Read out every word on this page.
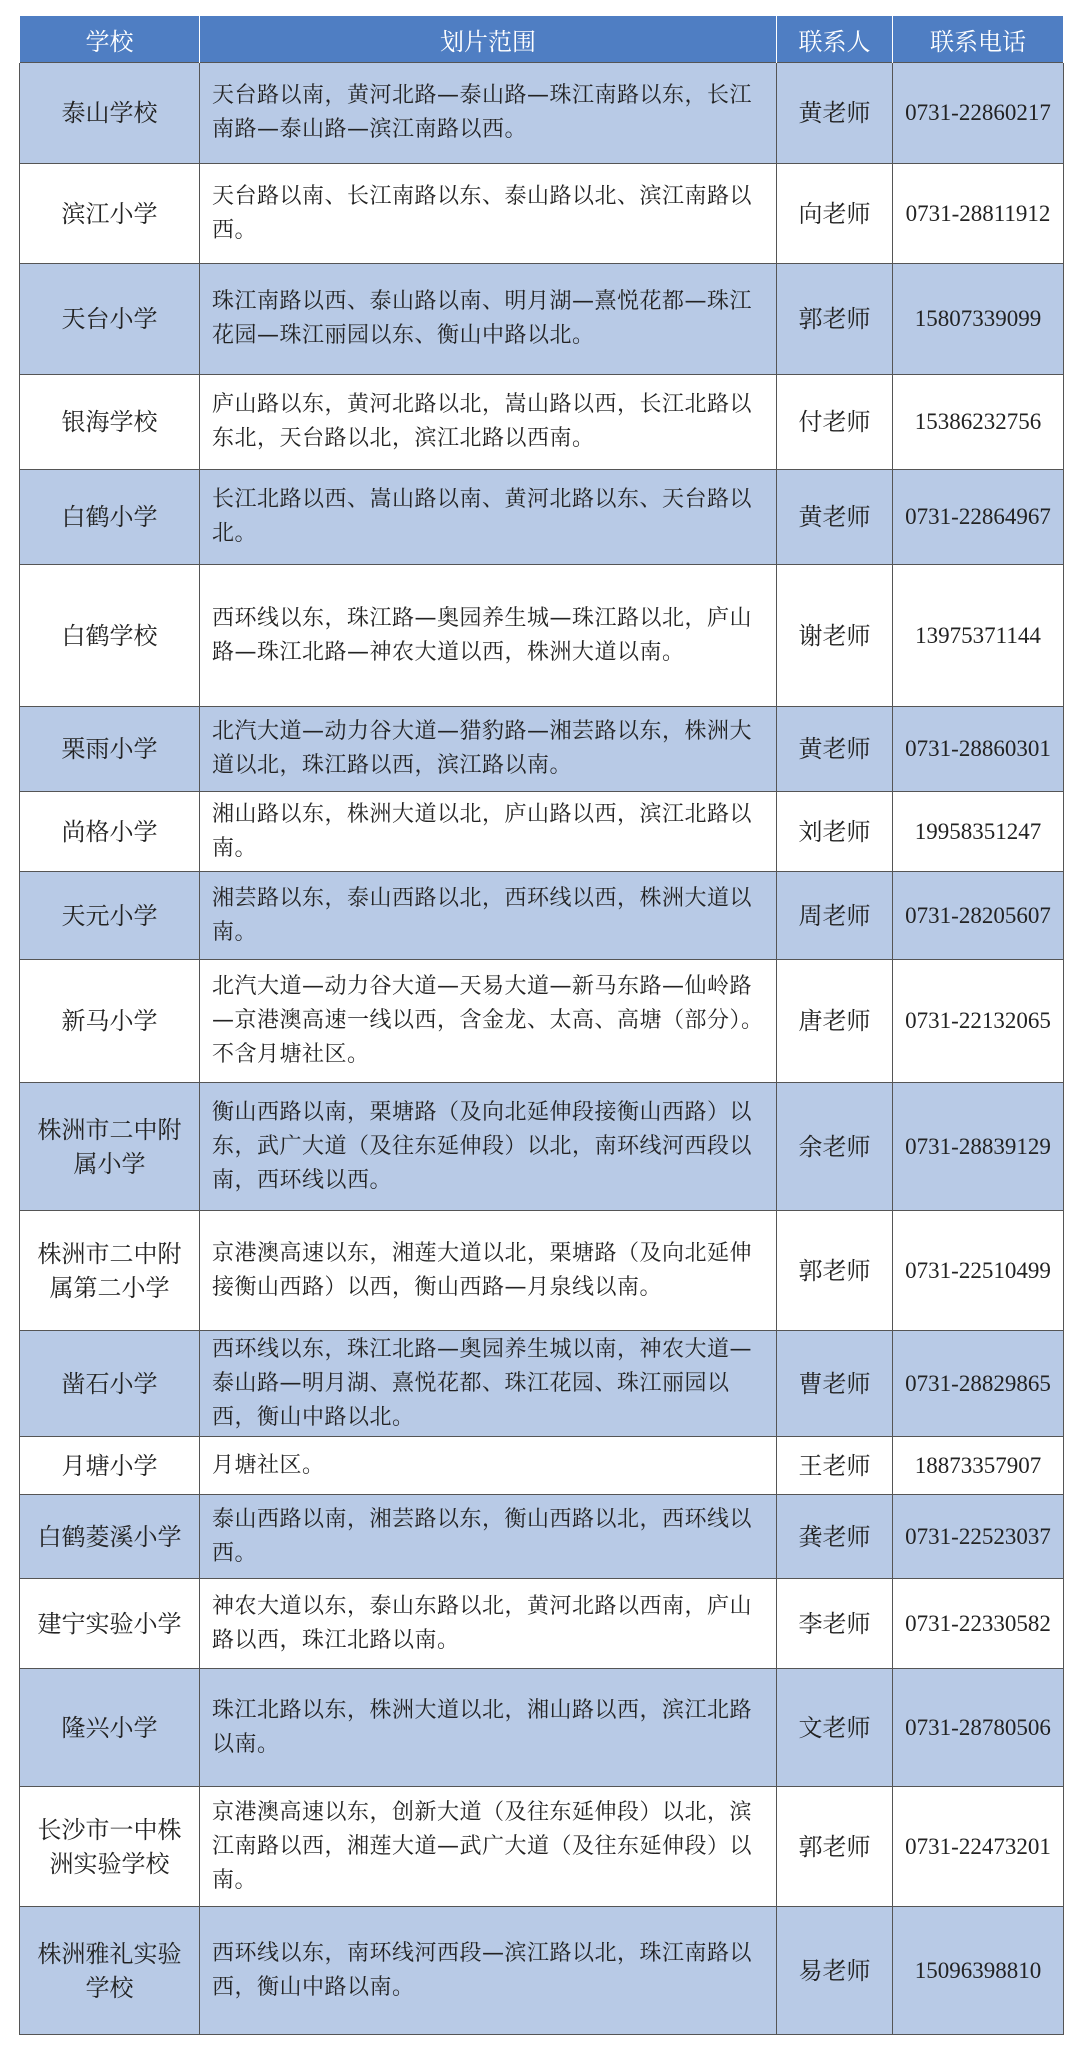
学校	划片范围	联系人	联系电话
泰山学校	天台路以南，黄河北路—泰山路—珠江南路以东，长江南路—泰山路—滨江南路以西。	黄老师	0731-22860217
滨江小学	天台路以南、长江南路以东、泰山路以北、滨江南路以西。	向老师	0731-28811912
天台小学	珠江南路以西、泰山路以南、明月湖—熹悦花都—珠江花园—珠江丽园以东、衡山中路以北。	郭老师	15807339099
银海学校	庐山路以东，黄河北路以北，嵩山路以西，长江北路以东北，天台路以北，滨江北路以西南。	付老师	15386232756
白鹤小学	长江北路以西、嵩山路以南、黄河北路以东、天台路以北。	黄老师	0731-22864967
白鹤学校	西环线以东，珠江路—奥园养生城—珠江路以北，庐山路—珠江北路—神农大道以西，株洲大道以南。	谢老师	13975371144
栗雨小学	北汽大道—动力谷大道—猎豹路—湘芸路以东，株洲大道以北，珠江路以西，滨江路以南。	黄老师	0731-28860301
尚格小学	湘山路以东，株洲大道以北，庐山路以西，滨江北路以南。	刘老师	19958351247
天元小学	湘芸路以东，泰山西路以北，西环线以西，株洲大道以南。	周老师	0731-28205607
新马小学	北汽大道—动力谷大道—天易大道—新马东路—仙岭路—京港澳高速一线以西，含金龙、太高、高塘（部分）。不含月塘社区。	唐老师	0731-22132065
株洲市二中附属小学	衡山西路以南，栗塘路（及向北延伸段接衡山西路）以东，武广大道（及往东延伸段）以北，南环线河西段以南，西环线以西。	余老师	0731-28839129
株洲市二中附属第二小学	京港澳高速以东，湘莲大道以北，栗塘路（及向北延伸接衡山西路）以西，衡山西路—月泉线以南。	郭老师	0731-22510499
凿石小学	西环线以东，珠江北路—奥园养生城以南，神农大道—泰山路—明月湖、熹悦花都、珠江花园、珠江丽园以西，衡山中路以北。	曹老师	0731-28829865
月塘小学	月塘社区。	王老师	18873357907
白鹤菱溪小学	泰山西路以南，湘芸路以东，衡山西路以北，西环线以西。	龚老师	0731-22523037
建宁实验小学	神农大道以东，泰山东路以北，黄河北路以西南，庐山路以西，珠江北路以南。	李老师	0731-22330582
隆兴小学	珠江北路以东，株洲大道以北，湘山路以西，滨江北路以南。	文老师	0731-28780506
长沙市一中株洲实验学校	京港澳高速以东，创新大道（及往东延伸段）以北，滨江南路以西，湘莲大道—武广大道（及往东延伸段）以南。	郭老师	0731-22473201
株洲雅礼实验学校	西环线以东，南环线河西段—滨江路以北，珠江南路以西，衡山中路以南。	易老师	15096398810
